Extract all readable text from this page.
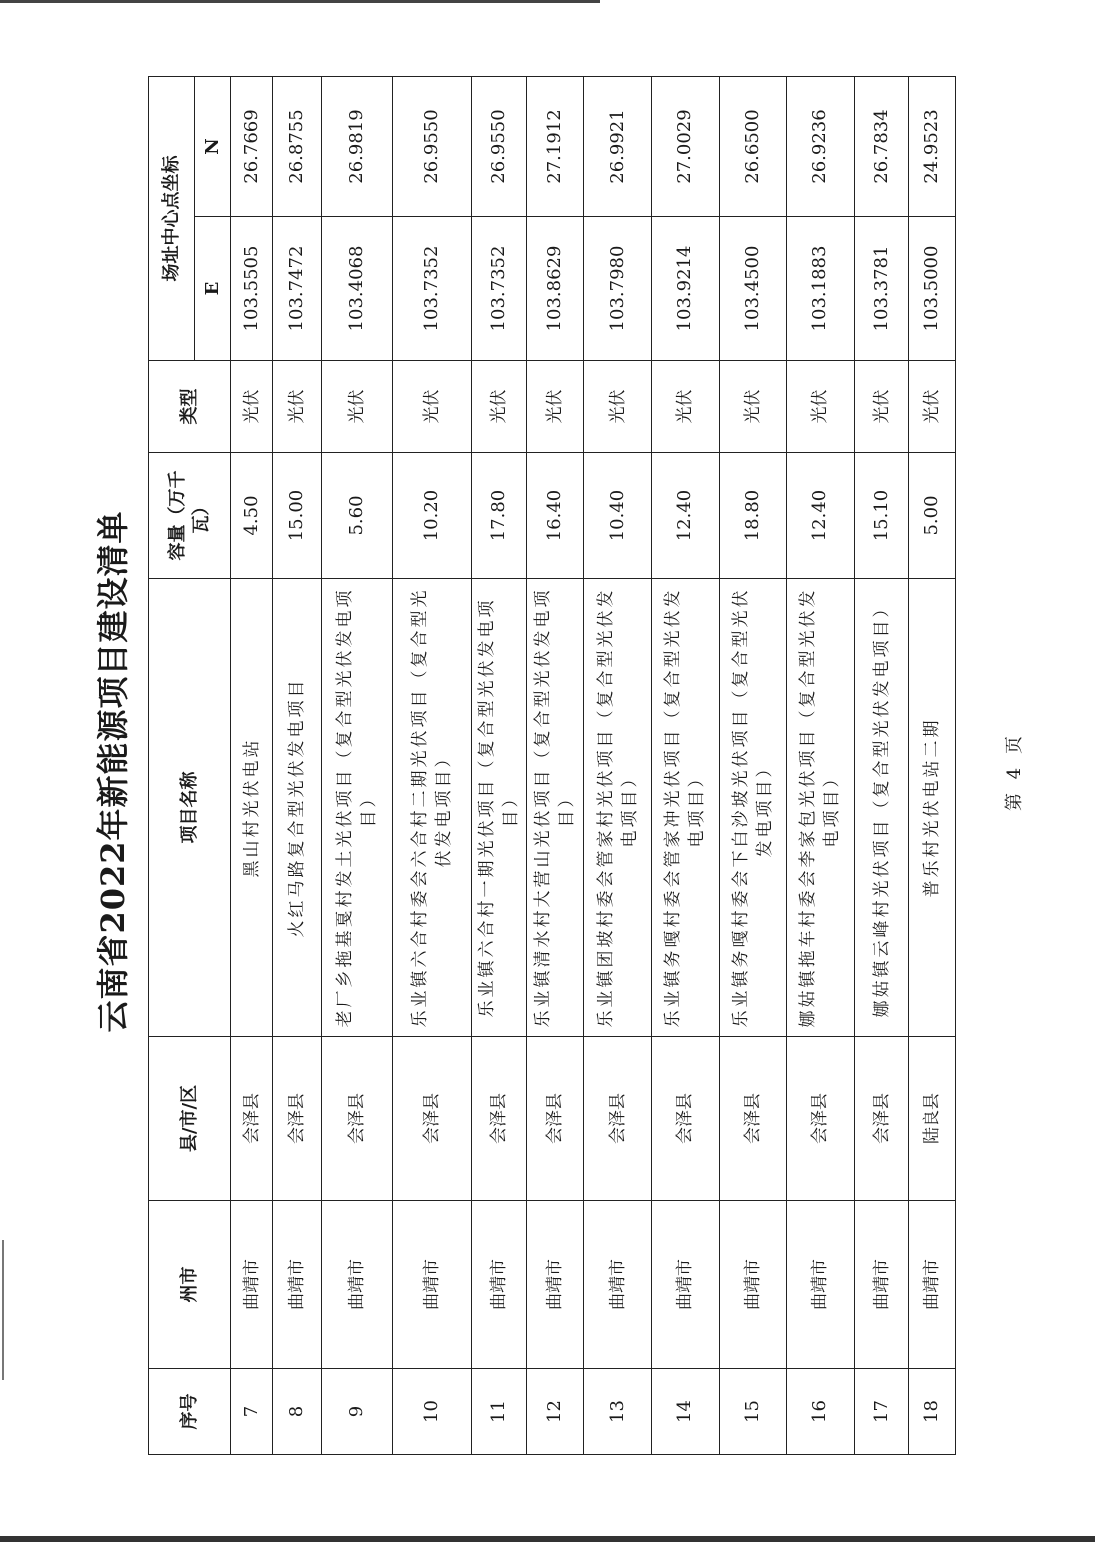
云南省2022年新能源项目建设清单
序号	州市	县/市/区	项目名称	容量（万千瓦）	类型	场址中心点坐标	
						E	N
7	曲靖市	会泽县	黑山村光伏电站	4.50	光伏	103.5505	26.7669
8	曲靖市	会泽县	火红马路复合型光伏发电项目	15.00	光伏	103.7472	26.8755
9	曲靖市	会泽县	老厂乡拖基戛村发土光伏项目（复合型光伏发电项目）	5.60	光伏	103.4068	26.9819
10	曲靖市	会泽县	乐业镇六合村委会六合村二期光伏项目（复合型光伏发电项目）	10.20	光伏	103.7352	26.9550
11	曲靖市	会泽县	乐业镇六合村一期光伏项目（复合型光伏发电项目）	17.80	光伏	103.7352	26.9550
12	曲靖市	会泽县	乐业镇清水村大营山光伏项目（复合型光伏发电项目）	16.40	光伏	103.8629	27.1912
13	曲靖市	会泽县	乐业镇团坡村委会管家村光伏项目（复合型光伏发电项目）	10.40	光伏	103.7980	26.9921
14	曲靖市	会泽县	乐业镇务嘎村委会管家冲光伏项目（复合型光伏发电项目）	12.40	光伏	103.9214	27.0029
15	曲靖市	会泽县	乐业镇务嘎村委会下白沙坡光伏项目（复合型光伏发电项目）	18.80	光伏	103.4500	26.6500
16	曲靖市	会泽县	娜姑镇拖车村委会李家包光伏项目（复合型光伏发电项目）	12.40	光伏	103.1883	26.9236
17	曲靖市	会泽县	娜姑镇云峰村光伏项目（复合型光伏发电项目）	15.10	光伏	103.3781	26.7834
18	曲靖市	陆良县	普乐村光伏电站二期	5.00	光伏	103.5000	24.9523
第 4 页
